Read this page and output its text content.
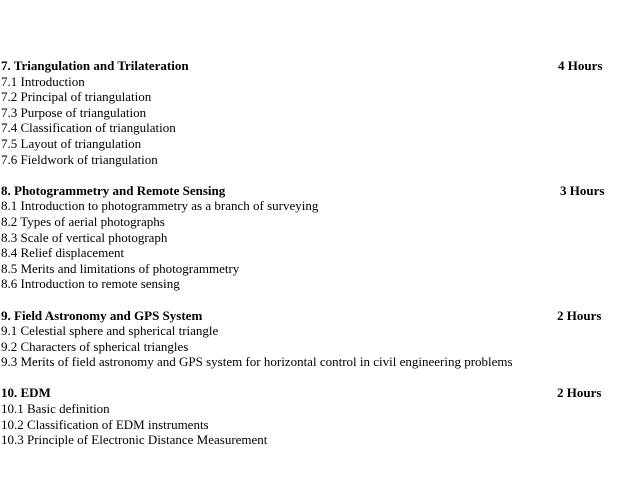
7. Triangulation and Trilateration	4 Hours
7.1 Introduction
7.2 Principal of triangulation
7.3 Purpose of triangulation
7.4 Classification of triangulation
7.5 Layout of triangulation
7.6 Fieldwork of triangulation
8. Photogrammetry and Remote Sensing	3 Hours
8.1 Introduction to photogrammetry as a branch of surveying
8.2 Types of aerial photographs
8.3 Scale of vertical photograph
8.4 Relief displacement
8.5 Merits and limitations of photogrammetry
8.6 Introduction to remote sensing
9. Field Astronomy and GPS System	2 Hours
9.1 Celestial sphere and spherical triangle
9.2 Characters of spherical triangles
9.3 Merits of field astronomy and GPS system for horizontal control in civil engineering problems
10. EDM	2 Hours
10.1 Basic definition
10.2 Classification of EDM instruments
10.3 Principle of Electronic Distance Measurement
